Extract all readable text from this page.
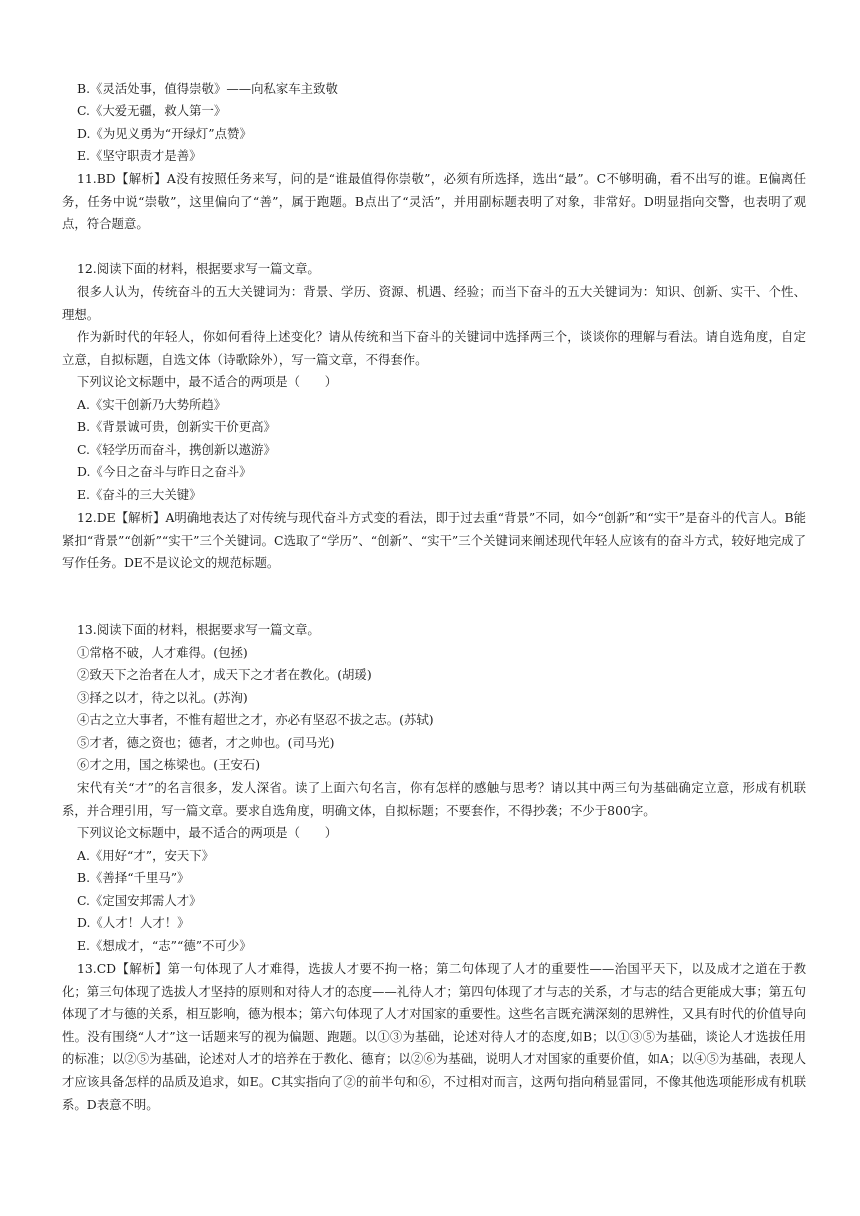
B.《灵活处事，值得崇敬》——向私家车主致敬

C.《大爱无疆，救人第一》

D.《为见义勇为“开绿灯”点赞》

E.《坚守职责才是善》

11.BD【解析】A没有按照任务来写，问的是“谁最值得你崇敬”，必须有所选择，选出“最”。C不够明确，看不出写的谁。E偏离任务，任务中说“崇敬”，这里偏向了“善”，属于跑题。B点出了“灵活”，并用副标题表明了对象，非常好。D明显指向交警，也表明了观点，符合题意。

12.阅读下面的材料，根据要求写一篇文章。

很多人认为，传统奋斗的五大关键词为：背景、学历、资源、机遇、经验；而当下奋斗的五大关键词为：知识、创新、实干、个性、理想。

作为新时代的年轻人，你如何看待上述变化？请从传统和当下奋斗的关键词中选择两三个，谈谈你的理解与看法。请自选角度，自定立意，自拟标题，自选文体（诗歌除外），写一篇文章，不得套作。

下列议论文标题中，最不适合的两项是（　　）

A.《实干创新乃大势所趋》

B.《背景诚可贵，创新实干价更高》

C.《轻学历而奋斗，携创新以遨游》

D.《今日之奋斗与昨日之奋斗》

E.《奋斗的三大关键》

12.DE【解析】A明确地表达了对传统与现代奋斗方式变的看法，即于过去重“背景”不同，如今“创新”和“实干”是奋斗的代言人。B能紧扣“背景”“创新”“实干”三个关键词。C选取了“学历”、“创新”、“实干”三个关键词来阐述现代年轻人应该有的奋斗方式，较好地完成了写作任务。DE不是议论文的规范标题。

13.阅读下面的材料，根据要求写一篇文章。

①常格不破，人才难得。(包拯)

②致天下之治者在人才，成天下之才者在教化。(胡瑗)

③择之以才，待之以礼。(苏洵)

④古之立大事者，不惟有超世之才，亦必有坚忍不拔之志。(苏轼)

⑤才者，德之资也；德者，才之帅也。(司马光)

⑥才之用，国之栋梁也。(王安石)

宋代有关“才”的名言很多，发人深省。读了上面六句名言，你有怎样的感触与思考？请以其中两三句为基础确定立意，形成有机联系，并合理引用，写一篇文章。要求自选角度，明确文体，自拟标题；不要套作，不得抄袭；不少于800字。

下列议论文标题中，最不适合的两项是（　　）

A.《用好“才”，安天下》

B.《善择“千里马”》

C.《定国安邦需人才》

D.《人才！人才！》

E.《想成才，“志”“德”不可少》

13.CD【解析】第一句体现了人才难得，选拔人才要不拘一格；第二句体现了人才的重要性——治国平天下，以及成才之道在于教化；第三句体现了选拔人才坚持的原则和对待人才的态度——礼待人才；第四句体现了才与志的关系，才与志的结合更能成大事；第五句体现了才与德的关系，相互影响，德为根本；第六句体现了人才对国家的重要性。这些名言既充满深刻的思辨性，又具有时代的价值导向性。没有围绕“人才”这一话题来写的视为偏题、跑题。以①③为基础，论述对待人才的态度,如B；以①③⑤为基础，谈论人才选拔任用的标准；以②⑤为基础，论述对人才的培养在于教化、德育；以②⑥为基础，说明人才对国家的重要价值，如A；以④⑤为基础，表现人才应该具备怎样的品质及追求，如E。C其实指向了②的前半句和⑥，不过相对而言，这两句指向稍显雷同，不像其他选项能形成有机联系。D表意不明。
